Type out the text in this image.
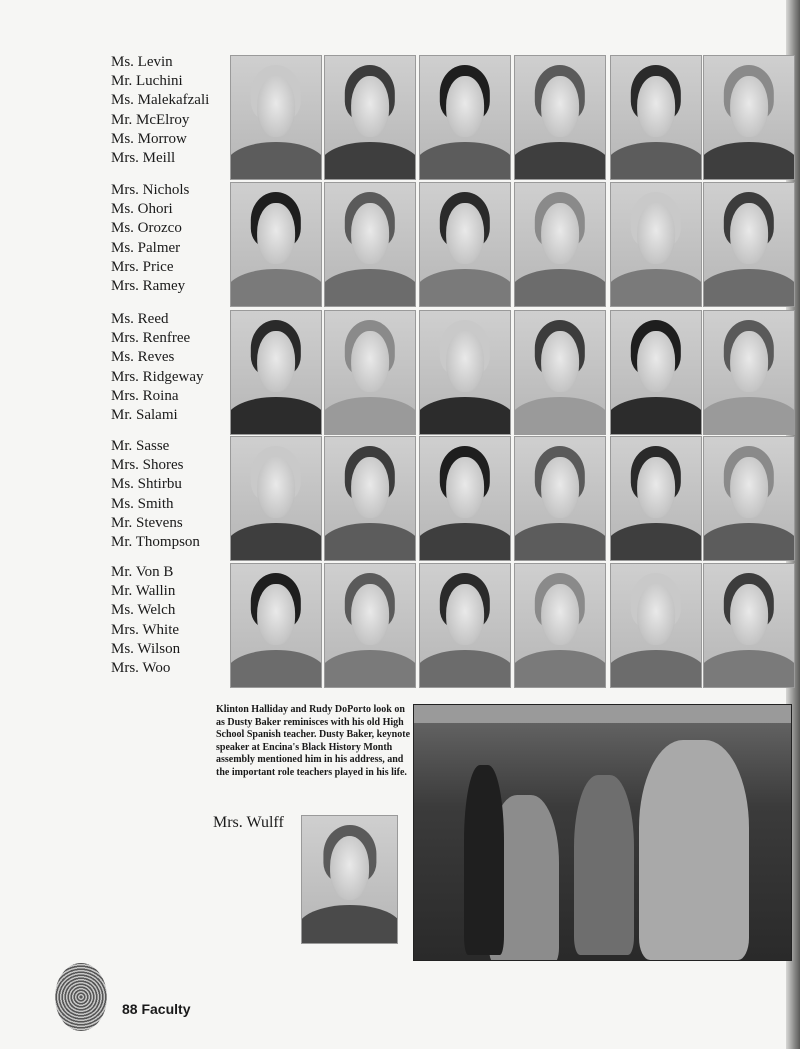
Ms. Levin
Mr. Luchini
Ms. Malekafzali
Mr. McElroy
Ms. Morrow
Mrs. Meill
Mrs. Nichols
Ms. Ohori
Ms. Orozco
Ms. Palmer
Mrs. Price
Mrs. Ramey
Ms. Reed
Mrs. Renfree
Ms. Reves
Mrs. Ridgeway
Mrs. Roina
Mr. Salami
Mr. Sasse
Mrs. Shores
Ms. Shtirbu
Ms. Smith
Mr. Stevens
Mr. Thompson
Mr. Von B
Mr. Wallin
Ms. Welch
Mrs. White
Ms. Wilson
Mrs. Woo
Klinton Halliday and Rudy DoPorto look on as Dusty Baker reminisces with his old High School Spanish teacher. Dusty Baker, keynote speaker at Encina's Black History Month assembly mentioned him in his address, and the important role teachers played in his life.
Mrs. Wulff
88 Faculty
